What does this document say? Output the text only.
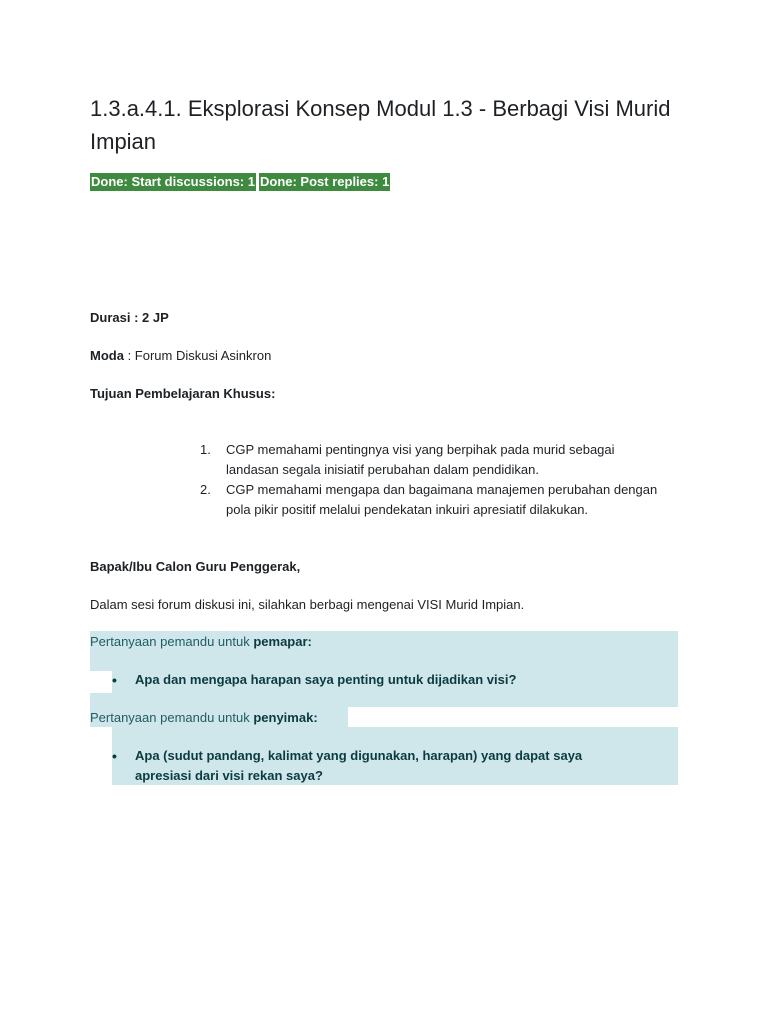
1.3.a.4.1. Eksplorasi Konsep Modul 1.3 - Berbagi Visi Murid Impian
Done: Start discussions: 1 Done: Post replies: 1
Durasi : 2 JP
Moda : Forum Diskusi Asinkron
Tujuan Pembelajaran Khusus:
1.	CGP memahami pentingnya visi yang berpihak pada murid sebagai landasan segala inisiatif perubahan dalam pendidikan.
2.	CGP memahami mengapa dan bagaimana manajemen perubahan dengan pola pikir positif melalui pendekatan inkuiri apresiatif dilakukan.
Bapak/Ibu Calon Guru Penggerak,
Dalam sesi forum diskusi ini, silahkan berbagi mengenai VISI Murid Impian.
Pertanyaan pemandu untuk pemapar:
•	Apa dan mengapa harapan saya penting untuk dijadikan visi?
Pertanyaan pemandu untuk penyimak:
•	Apa (sudut pandang, kalimat yang digunakan, harapan) yang dapat saya apresiasi dari visi rekan saya?
